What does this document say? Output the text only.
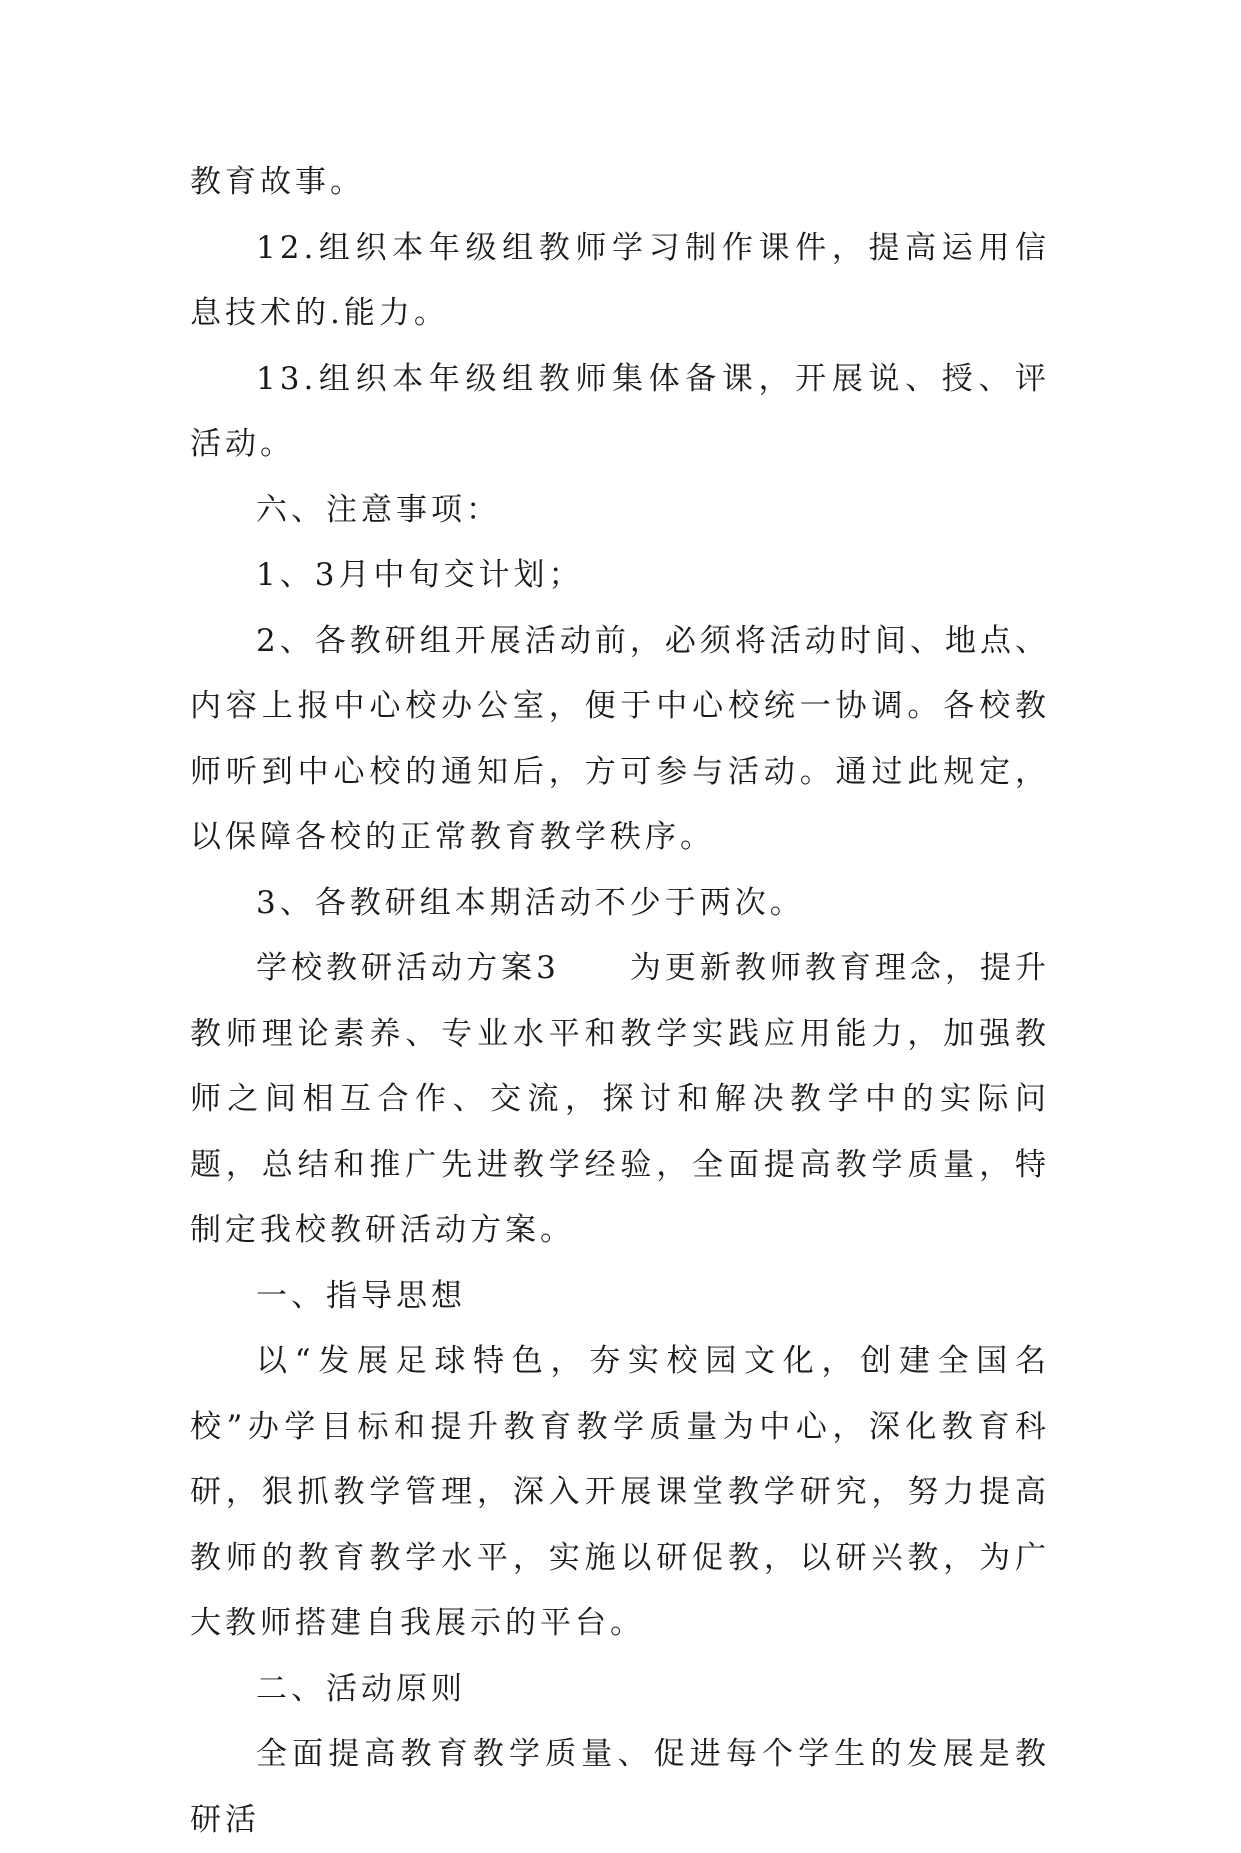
教育故事。

12.组织本年级组教师学习制作课件，提高运用信息技术的.能力。

13.组织本年级组教师集体备课，开展说、授、评活动。

六、注意事项：

1、3月中旬交计划；

2、各教研组开展活动前，必须将活动时间、地点、内容上报中心校办公室，便于中心校统一协调。各校教师听到中心校的通知后，方可参与活动。通过此规定，以保障各校的正常教育教学秩序。

3、各教研组本期活动不少于两次。

学校教研活动方案3　　为更新教师教育理念，提升教师理论素养、专业水平和教学实践应用能力，加强教师之间相互合作、交流，探讨和解决教学中的实际问题，总结和推广先进教学经验，全面提高教学质量，特制定我校教研活动方案。

一、指导思想

以“发展足球特色，夯实校园文化，创建全国名校”办学目标和提升教育教学质量为中心，深化教育科研，狠抓教学管理，深入开展课堂教学研究，努力提高教师的教育教学水平，实施以研促教，以研兴教，为广大教师搭建自我展示的平台。

二、活动原则

全面提高教育教学质量、促进每个学生的发展是教研活
